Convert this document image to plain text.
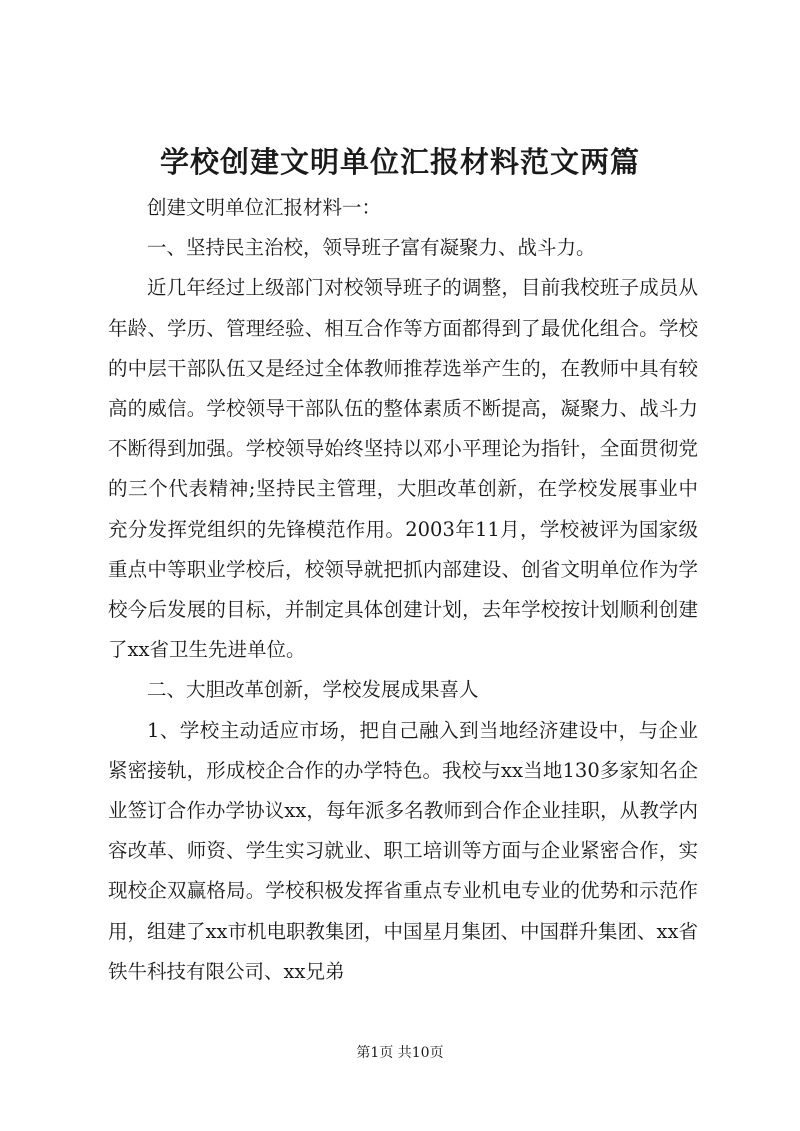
学校创建文明单位汇报材料范文两篇

创建文明单位汇报材料一：

一、坚持民主治校，领导班子富有凝聚力、战斗力。

近几年经过上级部门对校领导班子的调整，目前我校班子成员从年龄、学历、管理经验、相互合作等方面都得到了最优化组合。学校的中层干部队伍又是经过全体教师推荐选举产生的，在教师中具有较高的威信。学校领导干部队伍的整体素质不断提高，凝聚力、战斗力不断得到加强。学校领导始终坚持以邓小平理论为指针，全面贯彻党的三个代表精神;坚持民主管理，大胆改革创新，在学校发展事业中充分发挥党组织的先锋模范作用。2003年11月，学校被评为国家级重点中等职业学校后，校领导就把抓内部建设、创省文明单位作为学校今后发展的目标，并制定具体创建计划，去年学校按计划顺利创建了xx省卫生先进单位。

二、大胆改革创新，学校发展成果喜人

1、学校主动适应市场，把自己融入到当地经济建设中，与企业紧密接轨，形成校企合作的办学特色。我校与xx当地130多家知名企业签订合作办学协议xx，每年派多名教师到合作企业挂职，从教学内容改革、师资、学生实习就业、职工培训等方面与企业紧密合作，实现校企双赢格局。学校积极发挥省重点专业机电专业的优势和示范作用，组建了xx市机电职教集团，中国星月集团、中国群升集团、xx省铁牛科技有限公司、xx兄弟

第1页 共10页
